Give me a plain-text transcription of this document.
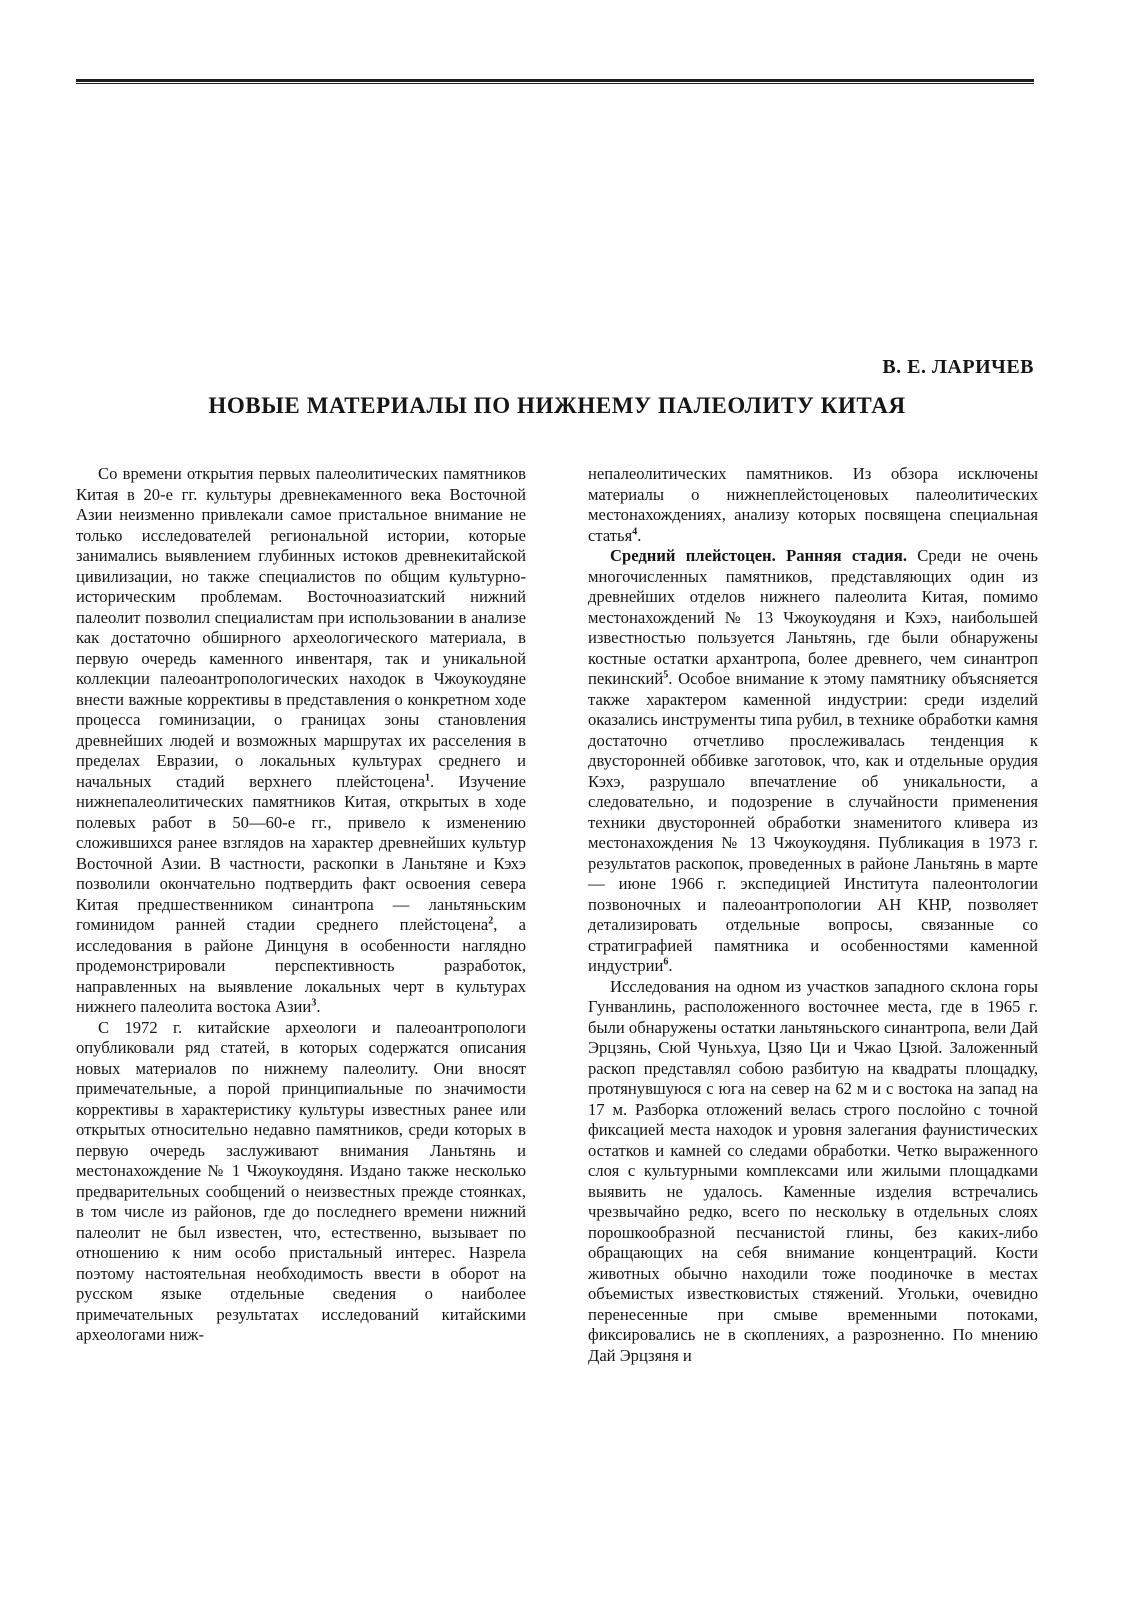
В. Е. ЛАРИЧЕВ
НОВЫЕ МАТЕРИАЛЫ ПО НИЖНЕМУ ПАЛЕОЛИТУ КИТАЯ

Со времени открытия первых палеолитических памятников Китая в 20-е гг. культуры древнекаменного века Восточной Азии неизменно привлекали самое пристальное внимание не только исследователей региональной истории, которые занимались выявлением глубинных истоков древнекитайской цивилизации, но также специалистов по общим культурно-историческим проблемам. Восточноазиатский нижний палеолит позволил специалистам при использовании в анализе как достаточно обширного археологического материала, в первую очередь каменного инвентаря, так и уникальной коллекции палеоантропологических находок в Чжоукоудяне внести важные коррективы в представления о конкретном ходе процесса гоминизации, о границах зоны становления древнейших людей и возможных маршрутах их расселения в пределах Евразии, о локальных культурах среднего и начальных стадий верхнего плейстоцена$^1$. Изучение нижнепалеолитических памятников Китая, открытых в ходе полевых работ в 50—60-е гг., привело к изменению сложившихся ранее взглядов на характер древнейших культур Восточной Азии. В частности, раскопки в Ланьтяне и Кэхэ позволили окончательно подтвердить факт освоения севера Китая предшественником синантропа — ланьтяньским гоминидом ранней стадии среднего плейстоцена$^2$, а исследования в районе Динцуня в особенности наглядно продемонстрировали перспективность разработок, направленных на выявление локальных черт в культурах нижнего палеолита востока Азии$^3$.

С 1972 г. китайские археологи и палеоантропологи опубликовали ряд статей, в которых содержатся описания новых материалов по нижнему палеолиту. Они вносят примечательные, а порой принципиальные по значимости коррективы в характеристику культуры известных ранее или открытых относительно недавно памятников, среди которых в первую очередь заслуживают внимания Ланьтянь и местонахождение № 1 Чжоукоудяня. Издано также несколько предварительных сообщений о неизвестных прежде стоянках, в том числе из районов, где до последнего времени нижний палеолит не был известен, что, естественно, вызывает по отношению к ним особо пристальный интерес. Назрела поэтому настоятельная необходимость ввести в оборот на русском языке отдельные сведения о наиболее примечательных результатах исследований китайскими археологами ниж-

непалеолитических памятников. Из обзора исключены материалы о нижнеплейстоценовых палеолитических местонахождениях, анализу которых посвящена специальная статья$^4$.

Средний плейстоцен. Ранняя стадия. Среди не очень многочисленных памятников, представляющих один из древнейших отделов нижнего палеолита Китая, помимо местонахождений № 13 Чжоукоудяня и Кэхэ, наибольшей известностью пользуется Ланьтянь, где были обнаружены костные остатки архантропа, более древнего, чем синантроп пекинский$^5$. Особое внимание к этому памятнику объясняется также характером каменной индустрии: среди изделий оказались инструменты типа рубил, в технике обработки камня достаточно отчетливо прослеживалась тенденция к двусторонней оббивке заготовок, что, как и отдельные орудия Кэхэ, разрушало впечатление об уникальности, а следовательно, и подозрение в случайности применения техники двусторонней обработки знаменитого кливера из местонахождения № 13 Чжоукоудяня. Публикация в 1973 г. результатов раскопок, проведенных в районе Ланьтянь в марте — июне 1966 г. экспедицией Института палеонтологии позвоночных и палеоантропологии АН КНР, позволяет детализировать отдельные вопросы, связанные со стратиграфией памятника и особенностями каменной индустрии$^6$.

Исследования на одном из участков западного склона горы Гунванлинь, расположенного восточнее места, где в 1965 г. были обнаружены остатки ланьтяньского синантропа, вели Дай Эрцзянь, Сюй Чуньхуа, Цзяо Ци и Чжао Цзюй. Заложенный раскоп представлял собою разбитую на квадраты площадку, протянувшуюся с юга на север на 62 м и с востока на запад на 17 м. Разборка отложений велась строго послойно с точной фиксацией места находок и уровня залегания фаунистических остатков и камней со следами обработки. Четко выраженного слоя с культурными комплексами или жилыми площадками выявить не удалось. Каменные изделия встречались чрезвычайно редко, всего по нескольку в отдельных слоях порошкообразной песчанистой глины, без каких-либо обращающих на себя внимание концентраций. Кости животных обычно находили тоже поодиночке в местах объемистых известковистых стяжений. Угольки, очевидно перенесенные при смыве временными потоками, фиксировались не в скоплениях, а разрозненно. По мнению Дай Эрцзяня и
